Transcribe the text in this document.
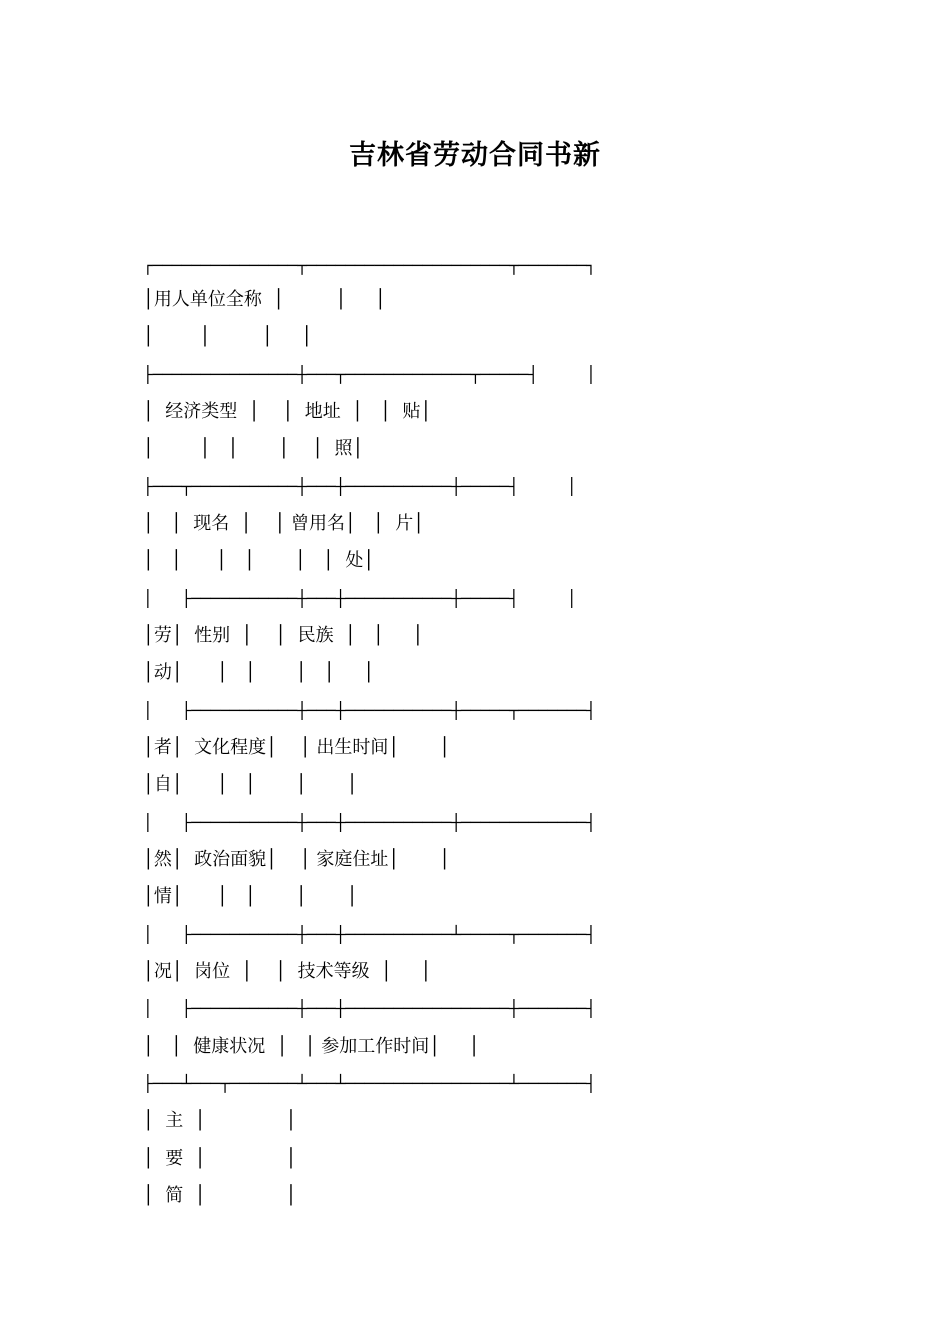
吉林省劳动合同书新
┌───────────────┬─────────────────────┬───────┐
│用人单位全称  │         │     │
│        │         │     │
├───────────────┼───┬─────────────┬─────┤     │
│  经济类型  │    │  地址  │   │  贴│
│        │   │       │    │  照│
├───┬───────────┼───┼───────────┼─────┤     │
│   │  现名  │    │ 曾用名│   │  片│
│   │      │   │       │   │  处│
│   ├───────────┼───┼───────────┼─────┤     │
│劳│  性别  │    │  民族  │   │     │
│动│      │   │       │   │     │
│   ├───────────┼───┼───────────┼─────┬───────┤
│者│  文化程度│    │ 出生时间│       │
│自│      │   │       │       │
│   ├───────────┼───┼───────────┼─────────────┤
│然│  政治面貌│    │ 家庭住址│       │
│情│      │   │       │       │
│   ├───────────┼───┼───────────┴─────┬───────┤
│况│  岗位  │    │  技术等级  │     │
│   ├───────────┼───┼─────────────────┼───────┤
│   │  健康状况  │   │ 参加工作时间│     │
├───┴───┬───────┴───┴─────────────────┴───────┤
│  主  │              │
│  要  │              │
│  简  │              │
